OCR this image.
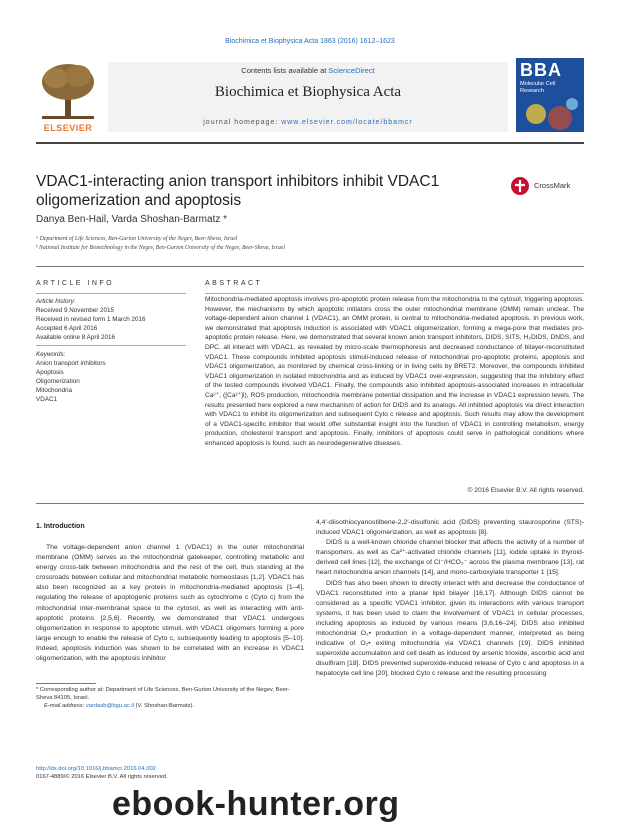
Biochimica et Biophysica Acta 1863 (2016) 1612–1623
ELSEVIER
Contents lists available at ScienceDirect
Biochimica et Biophysica Acta
journal homepage: www.elsevier.com/locate/bbamcr
BBA
Molecular Cell Research
VDAC1-interacting anion transport inhibitors inhibit VDAC1 oligomerization and apoptosis
CrossMark
Danya Ben-Hail, Varda Shoshan-Barmatz *
ᵃ Department of Life Sciences, Ben-Gurion University of the Negev, Beer-Sheva, Israel
ᵇ National Institute for Biotechnology in the Negev, Ben-Gurion University of the Negev, Beer-Sheva, Israel
ARTICLE INFO
Article history:
Received 9 November 2015
Received in revised form 1 March 2016
Accepted 6 April 2016
Available online 8 April 2016
Keywords:
Anion transport inhibitors
Apoptosis
Oligomerization
Mitochondria
VDAC1
ABSTRACT
Mitochondria-mediated apoptosis involves pro-apoptotic protein release from the mitochondria to the cytosol, triggering apoptosis. However, the mechanisms by which apoptotic initiators cross the outer mitochondrial membrane (OMM) remain unclear. The voltage-dependent anion channel 1 (VDAC1), an OMM protein, is central to mitochondria-mediated apoptosis. In previous work, we demonstrated that apoptosis induction is associated with VDAC1 oligomerization, forming a mega-pore that mediates pro-apoptotic protein release. Here, we demonstrated that several known anion transport inhibitors, DIDS, SITS, H₂DIDS, DNDS, and DPC, all interact with VDAC1, as revealed by micro-scale thermophoresis and decreased conductance of bilayer-reconstituted VDAC1. These compounds inhibited apoptosis stimuli-induced release of mitochondrial pro-apoptotic proteins, apoptosis and VDAC1 oligomerization, as monitored by chemical cross-linking or in living cells by BRET2. Moreover, the compounds inhibited VDAC1 oligomerization in isolated mitochondria and as induced by VDAC1 over-expression, suggesting that the inhibitory effect of the tested compounds involved VDAC1. Finally, the compounds also inhibited apoptosis-associated increases in intracellular Ca²⁺, ([Ca²⁺]i), ROS production, mitochondria membrane potential dissipation and the increase in VDAC1 expression levels. The results presented here explored a new mechanism of action for DIDS and its analogs. All inhibited apoptosis via direct interaction with VDAC1 to inhibit its oligomerization and subsequent Cyto c release and apoptosis. Such results may allow the development of a VDAC1-specific inhibitor that would offer substantial insight into the function of VDAC1 in controlling metabolism, energy production, cholesterol transport and apoptosis. Finally, inhibitors of apoptosis could serve in pathological conditions where enhanced apoptosis is found, such as neurodegenerative diseases.
© 2016 Elsevier B.V. All rights reserved.
1. Introduction

The voltage-dependent anion channel 1 (VDAC1) in the outer mitochondrial membrane (OMM) serves as the mitochondrial gatekeeper, controlling metabolic and energy cross-talk between mitochondria and the rest of the cell, thus standing at the crossroads between cellular and mitochondrial metabolic homeostasis [1,2]. VDAC1 has also been recognized as a key protein in mitochondria-mediated apoptosis [1–4], regulating the release of apoptogenic proteins such as cytochrome c (Cyto c) from the mitochondrial inter-membranal space to the cytosol, as well as interacting with anti-apoptotic proteins [2,5,6]. Recently, we demonstrated that VDAC1 undergoes oligomerization in response to apoptotic stimuli, with VDAC1 oligomers forming a pore large enough to enable the release of Cyto c, subsequently leading to apoptosis [5–10]. Indeed, apoptosis induction was shown to be correlated with an increase in VDAC1 oligomerization, with the apoptosis inhibitor

4,4′-diisothiocyanostilbene-2,2′-disulfonic acid (DIDS) preventing staurosporine (STS)-induced VDAC1 oligomerization, as well as apoptosis [8].

DIDS is a well-known chloride channel blocker that affects the activity of a number of transporters, as well as Ca²⁺-activated chloride channels [11], iodide uptake in thyroid-derived cell lines [12], the exchange of Cl⁻/HCO₃⁻ across the plasma membrane [13], rat heart mitochondria anion channels [14], and mono-carboxylate transporter 1 [15].

DIDS has also been shown to directly interact with and decrease the conductance of VDAC1 reconstituted into a planar lipid bilayer [16,17]. Although DIDS cannot be considered as a specific VDAC1 inhibitor, given its interactions with various transport systems, it has been used to claim the involvement of VDAC1 in cellular processes, including apoptosis as induced by various means [3,6,16–24]. DIDS also inhibited mitochondrial O₂• production in a voltage-dependent manner, interpreted as being indicative of O₂• exiting mitochondria via VDAC1 channels [19]. DIDS inhibited superoxide accumulation and cell death as induced by arsenic trioxide, ascorbic acid and disulfiram [18]. DIDS prevented superoxide-induced release of Cyto c and apoptosis in a hepatocyte cell line [20], blocked Cyto c release and the resulting processing

* Corresponding author at: Department of Life Sciences, Ben-Gurion University of the Negev, Beer-Sheva 84105, Israel.
E-mail address: vardasb@bgu.ac.il (V. Shoshan-Barmatz).
http://dx.doi.org/10.1016/j.bbamcr.2016.04.002
0167-4889/© 2016 Elsevier B.V. All rights reserved.
ebook-hunter.org
